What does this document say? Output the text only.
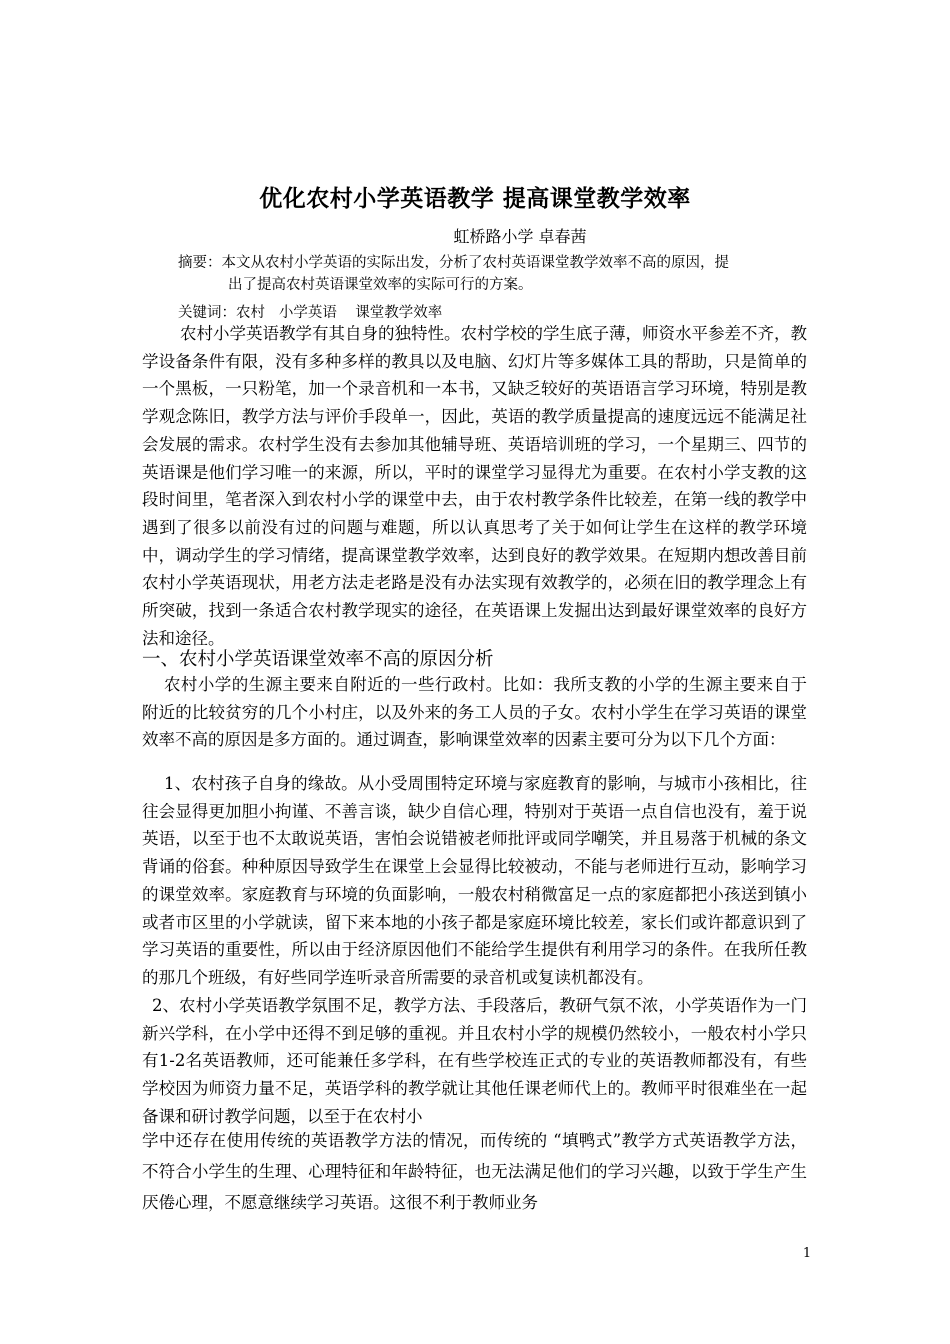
优化农村小学英语教学 提高课堂教学效率
虹桥路小学 卓春茜
摘要：本文从农村小学英语的实际出发，分析了农村英语课堂教学效率不高的原因，提
出了提高农村英语课堂效率的实际可行的方案。
关键词：农村   小学英语    课堂教学效率
农村小学英语教学有其自身的独特性。农村学校的学生底子薄，师资水平参差不齐，教学设备条件有限，没有多种多样的教具以及电脑、幻灯片等多媒体工具的帮助，只是简单的一个黑板，一只粉笔，加一个录音机和一本书，又缺乏较好的英语语言学习环境，特别是教学观念陈旧，教学方法与评价手段单一，因此，英语的教学质量提高的速度远远不能满足社会发展的需求。农村学生没有去参加其他辅导班、英语培训班的学习，一个星期三、四节的英语课是他们学习唯一的来源，所以，平时的课堂学习显得尤为重要。在农村小学支教的这段时间里，笔者深入到农村小学的课堂中去，由于农村教学条件比较差，在第一线的教学中遇到了很多以前没有过的问题与难题，所以认真思考了关于如何让学生在这样的教学环境中，调动学生的学习情绪，提高课堂教学效率，达到良好的教学效果。在短期内想改善目前农村小学英语现状，用老方法走老路是没有办法实现有效教学的，必须在旧的教学理念上有所突破，找到一条适合农村教学现实的途径，在英语课上发掘出达到最好课堂效率的良好方法和途径。
一、农村小学英语课堂效率不高的原因分析
农村小学的生源主要来自附近的一些行政村。比如：我所支教的小学的生源主要来自于附近的比较贫穷的几个小村庄，以及外来的务工人员的子女。农村小学生在学习英语的课堂效率不高的原因是多方面的。通过调查，影响课堂效率的因素主要可分为以下几个方面：
1、农村孩子自身的缘故。从小受周围特定环境与家庭教育的影响，与城市小孩相比，往往会显得更加胆小拘谨、不善言谈，缺少自信心理，特别对于英语一点自信也没有，羞于说英语，以至于也不太敢说英语，害怕会说错被老师批评或同学嘲笑，并且易落于机械的条文背诵的俗套。种种原因导致学生在课堂上会显得比较被动，不能与老师进行互动，影响学习的课堂效率。家庭教育与环境的负面影响，一般农村稍微富足一点的家庭都把小孩送到镇小或者市区里的小学就读，留下来本地的小孩子都是家庭环境比较差，家长们或许都意识到了学习英语的重要性，所以由于经济原因他们不能给学生提供有利用学习的条件。在我所任教的那几个班级，有好些同学连听录音所需要的录音机或复读机都没有。
2、农村小学英语教学氛围不足，教学方法、手段落后，教研气氛不浓，小学英语作为一门新兴学科，在小学中还得不到足够的重视。并且农村小学的规模仍然较小，一般农村小学只有1-2名英语教师，还可能兼任多学科，在有些学校连正式的专业的英语教师都没有，有些学校因为师资力量不足，英语学科的教学就让其他任课老师代上的。教师平时很难坐在一起备课和研讨教学问题，以至于在农村小
学中还存在使用传统的英语教学方法的情况，而传统的 “填鸭式”教学方式英语教学方法，不符合小学生的生理、心理特征和年龄特征，也无法满足他们的学习兴趣，以致于学生产生厌倦心理，不愿意继续学习英语。这很不利于教师业务
1
